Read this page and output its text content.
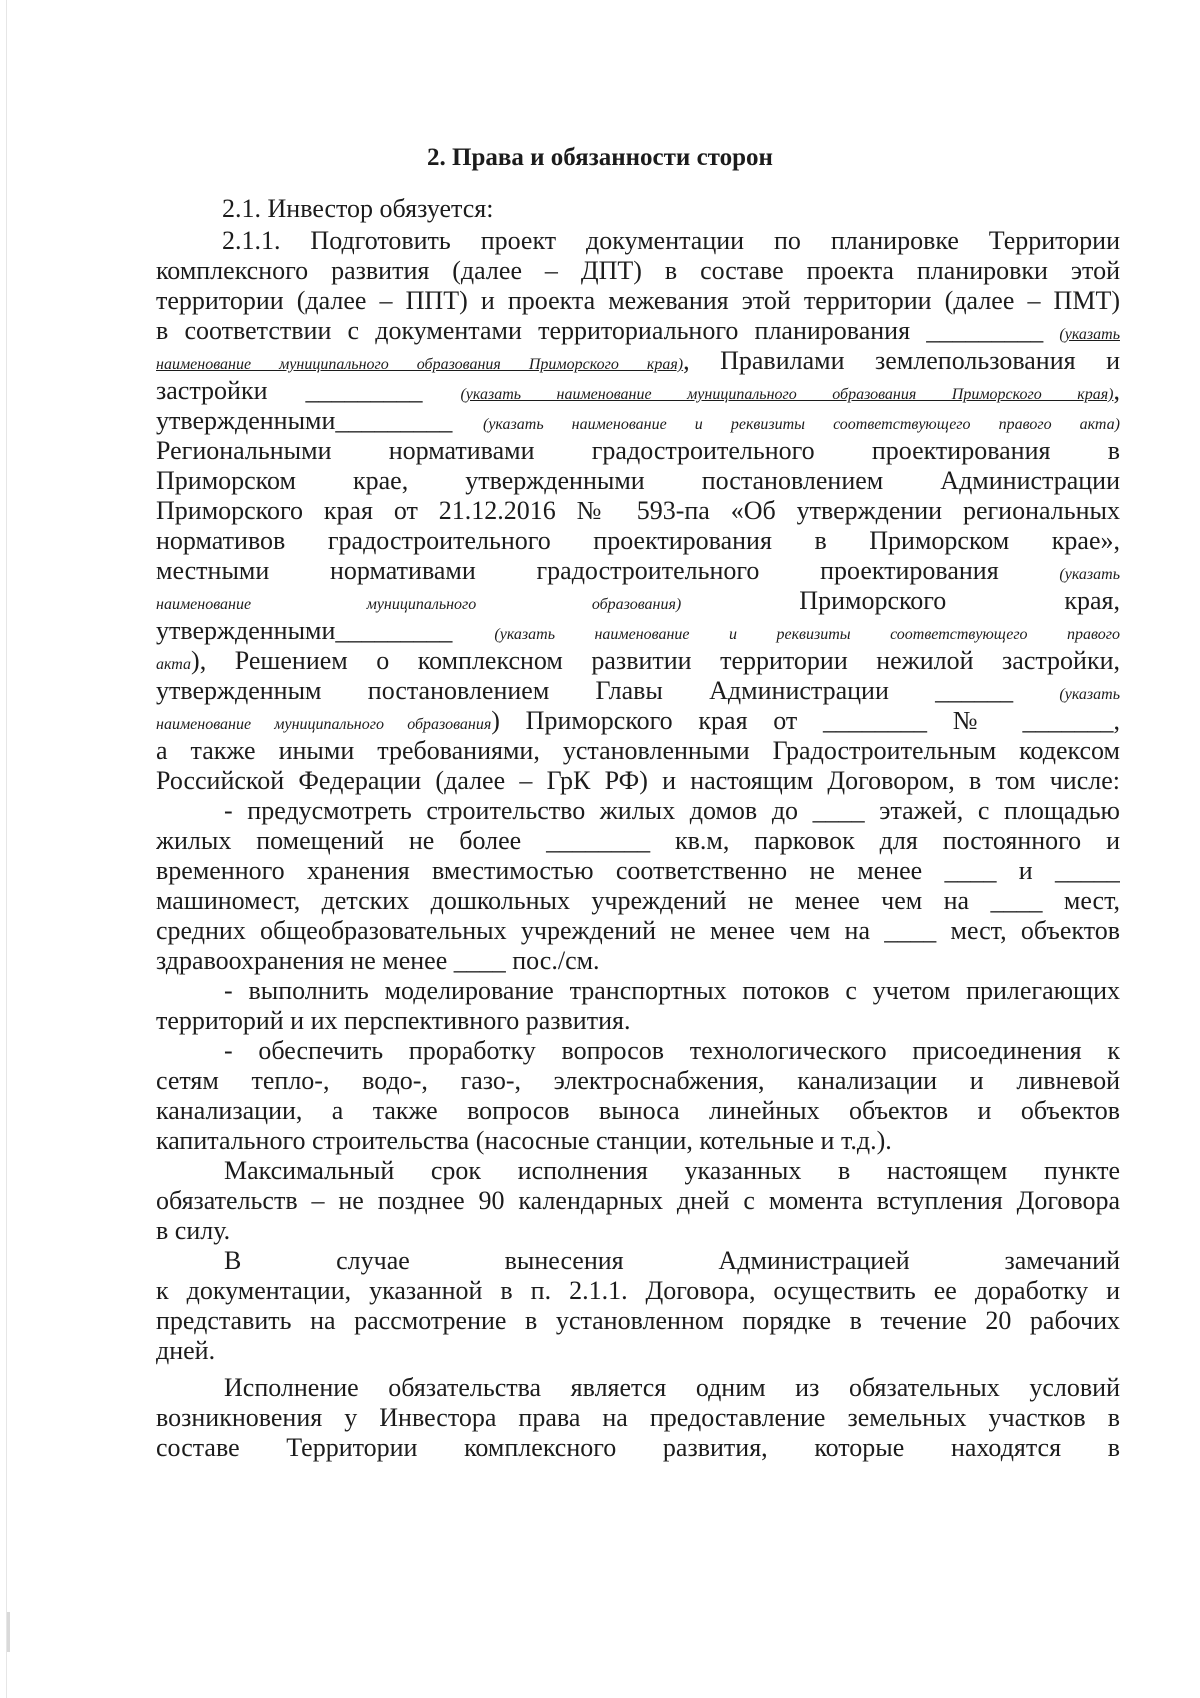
2. Права и обязанности сторон
2.1. Инвестор обязуется:
2.1.1. Подготовить проект документации по планировке Территории
комплексного развития (далее – ДПТ) в составе проекта планировки этой
территории (далее – ППТ) и проекта межевания этой территории (далее – ПМТ)
в соответствии с документами территориального планирования _________ (указать
наименование муниципального образования Приморского края), Правилами землепользования и
застройки _________ (указать наименование муниципального образования Приморского края),
утвержденными_________ (указать наименование и реквизиты соответствующего правого акта)
Региональными нормативами градостроительного проектирования в
Приморском крае, утвержденными постановлением Администрации
Приморского края от 21.12.2016 № 593-па «Об утверждении региональных
нормативов градостроительного проектирования в Приморском крае»,
местными нормативами градостроительного проектирования (указать
наименование муниципального образования) Приморского края,
утвержденными_________ (указать наименование и реквизиты соответствующего правого
акта), Решением о комплексном развитии территории нежилой застройки,
утвержденным постановлением Главы Администрации ______ (указать
наименование муниципального образования) Приморского края от ________ № _______,
а также иными требованиями, установленными Градостроительным кодексом
Российской Федерации (далее – ГрК РФ) и настоящим Договором, в том числе:
- предусмотреть строительство жилых домов до ____ этажей, с площадью
жилых помещений не более ________ кв.м, парковок для постоянного и
временного хранения вместимостью соответственно не менее ____ и _____
машиномест, детских дошкольных учреждений не менее чем на ____ мест,
средних общеобразовательных учреждений не менее чем на ____ мест, объектов
здравоохранения не менее ____ пос./см.
- выполнить моделирование транспортных потоков с учетом прилегающих
территорий и их перспективного развития.
- обеспечить проработку вопросов технологического присоединения к
сетям тепло-, водо-, газо-, электроснабжения, канализации и ливневой
канализации, а также вопросов выноса линейных объектов и объектов
капитального строительства (насосные станции, котельные и т.д.).
Максимальный срок исполнения указанных в настоящем пункте
обязательств – не позднее 90 календарных дней с момента вступления Договора
в силу.
В случае вынесения Администрацией замечаний
к документации, указанной в п. 2.1.1. Договора, осуществить ее доработку и
представить на рассмотрение в установленном порядке в течение 20 рабочих
дней.
Исполнение обязательства является одним из обязательных условий
возникновения у Инвестора права на предоставление земельных участков в
составе Территории комплексного развития, которые находятся в
